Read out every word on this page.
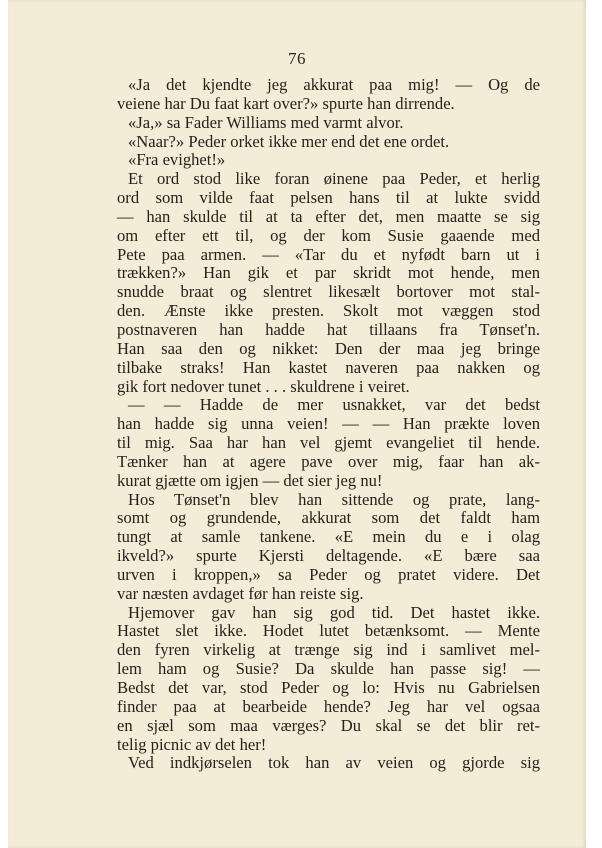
76
«Ja det kjendte jeg akkurat paa mig! — Og de
veiene har Du faat kart over?» spurte han dirrende.
«Ja,» sa Fader Williams med varmt alvor.
«Naar?» Peder orket ikke mer end det ene ordet.
«Fra evighet!»
Et ord stod like foran øinene paa Peder, et herlig
ord som vilde faat pelsen hans til at lukte svidd
— han skulde til at ta efter det, men maatte se sig
om efter ett til, og der kom Susie gaaende med
Pete paa armen. — «Tar du et nyfødt barn ut i
trækken?» Han gik et par skridt mot hende, men
snudde braat og slentret likesælt bortover mot stal-
den. Ænste ikke presten. Skolt mot væggen stod
postnaveren han hadde hat tillaans fra Tønset'n.
Han saa den og nikket: Den der maa jeg bringe
tilbake straks! Han kastet naveren paa nakken og
gik fort nedover tunet . . . skuldrene i veiret.
— — Hadde de mer usnakket, var det bedst
han hadde sig unna veien! — — Han prækte loven
til mig. Saa har han vel gjemt evangeliet til hende.
Tænker han at agere pave over mig, faar han ak-
kurat gjætte om igjen — det sier jeg nu!
Hos Tønset'n blev han sittende og prate, lang-
somt og grundende, akkurat som det faldt ham
tungt at samle tankene. «E mein du e i olag
ikveld?» spurte Kjersti deltagende. «E bære saa
urven i kroppen,» sa Peder og pratet videre. Det
var næsten avdaget før han reiste sig.
Hjemover gav han sig god tid. Det hastet ikke.
Hastet slet ikke. Hodet lutet betænksomt. — Mente
den fyren virkelig at trænge sig ind i samlivet mel-
lem ham og Susie? Da skulde han passe sig! —
Bedst det var, stod Peder og lo: Hvis nu Gabrielsen
finder paa at bearbeide hende? Jeg har vel ogsaa
en sjæl som maa værges? Du skal se det blir ret-
telig picnic av det her!
Ved indkjørselen tok han av veien og gjorde sig
